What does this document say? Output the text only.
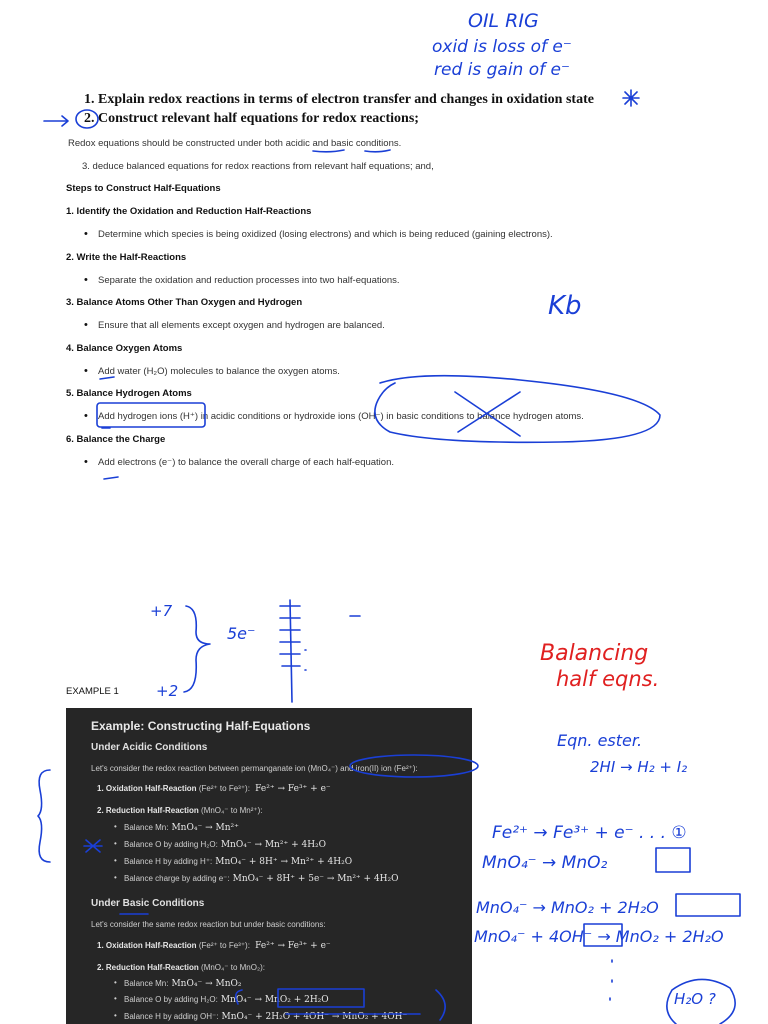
1. Explain redox reactions in terms of electron transfer and changes in oxidation state
2. Construct relevant half equations for redox reactions;
Redox equations should be constructed under both acidic and basic conditions.
3. deduce balanced equations for redox reactions from relevant half equations; and,
Steps to Construct Half-Equations
1. Identify the Oxidation and Reduction Half-Reactions
• Determine which species is being oxidized (losing electrons) and which is being reduced (gaining electrons).
2. Write the Half-Reactions
• Separate the oxidation and reduction processes into two half-equations.
3. Balance Atoms Other Than Oxygen and Hydrogen
• Ensure that all elements except oxygen and hydrogen are balanced.
4. Balance Oxygen Atoms
• Add water (H₂O) molecules to balance the oxygen atoms.
5. Balance Hydrogen Atoms
• Add hydrogen ions (H⁺) in acidic conditions or hydroxide ions (OH⁻) in basic conditions to balance hydrogen atoms.
6. Balance the Charge
• Add electrons (e⁻) to balance the overall charge of each half-equation.
EXAMPLE 1
Example: Constructing Half-Equations
Under Acidic Conditions
Let's consider the redox reaction between permanganate ion (MnO₄⁻) and iron(II) ion (Fe²⁺):
1. Oxidation Half-Reaction (Fe²⁺ to Fe³⁺): Fe²⁺ → Fe³⁺ + e⁻
2. Reduction Half-Reaction (MnO₄⁻ to Mn²⁺):
• Balance Mn: MnO₄⁻ → Mn²⁺
• Balance O by adding H₂O: MnO₄⁻ → Mn²⁺ + 4H₂O
• Balance H by adding H⁺: MnO₄⁻ + 8H⁺ → Mn²⁺ + 4H₂O
• Balance charge by adding e⁻: MnO₄⁻ + 8H⁺ + 5e⁻ → Mn²⁺ + 4H₂O
Under Basic Conditions
Let's consider the same redox reaction but under basic conditions:
1. Oxidation Half-Reaction (Fe²⁺ to Fe³⁺): Fe²⁺ → Fe³⁺ + e⁻
2. Reduction Half-Reaction (MnO₄⁻ to MnO₂):
• Balance Mn: MnO₄⁻ → MnO₂
• Balance O by adding H₂O: MnO₄⁻ → MnO₂ + 2H₂O
• Balance H by adding OH⁻: MnO₄⁻ + 2H₂O + 4OH⁻ → MnO₂ + 4OH⁻
OIL RIG
oxid is loss of e⁻
red is gain of e⁻
Kb
+7
5e⁻
+2
Balancing
half eqns.
Eqn. ester.
2HI → H₂ + I₂
Fe²⁺ → Fe³⁺ + e⁻ . . . ①
MnO₄⁻ → MnO₂
MnO₄⁻ → MnO₂ + 2H₂O
MnO₄⁻ + 4OH⁻ → MnO₂ + 2H₂O
H₂O ?
